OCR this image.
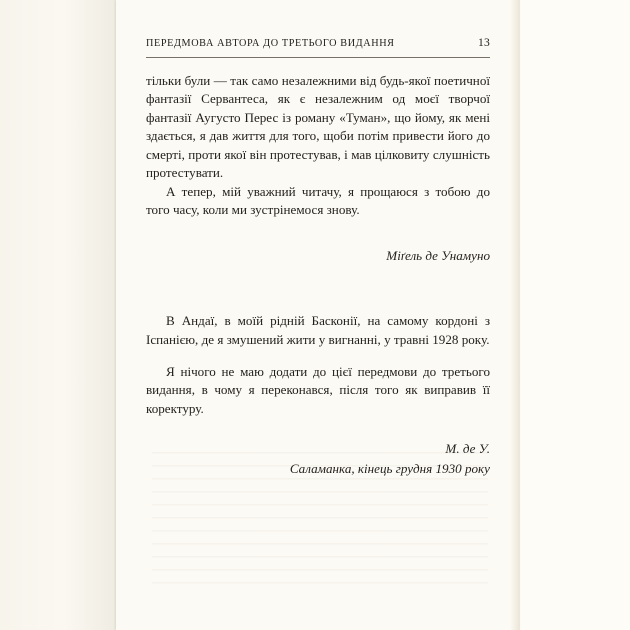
ПЕРЕДМОВА АВТОРА ДО ТРЕТЬОГО ВИДАННЯ	13

тільки були — так само незалежними від будь-якої поетичної фантазії Сервантеса, як є незалежним од моєї творчої фантазії Аугусто Перес із роману «Туман», що йому, як мені здається, я дав життя для того, щоби потім привести його до смерті, проти якої він протестував, і мав цілковиту слушність протестувати.

А тепер, мій уважний читачу, я прощаюся з тобою до того часу, коли ми зустрінемося знову.

Міґель де Унамуно

В Андаї, в моїй рідній Басконії, на самому кордоні з Іспанією, де я змушений жити у вигнанні, у травні 1928 року.

Я нічого не маю додати до цієї передмови до третього видання, в чому я переконався, після того як виправив її коректуру.

М. де У.

Саламанка, кінець грудня 1930 року
